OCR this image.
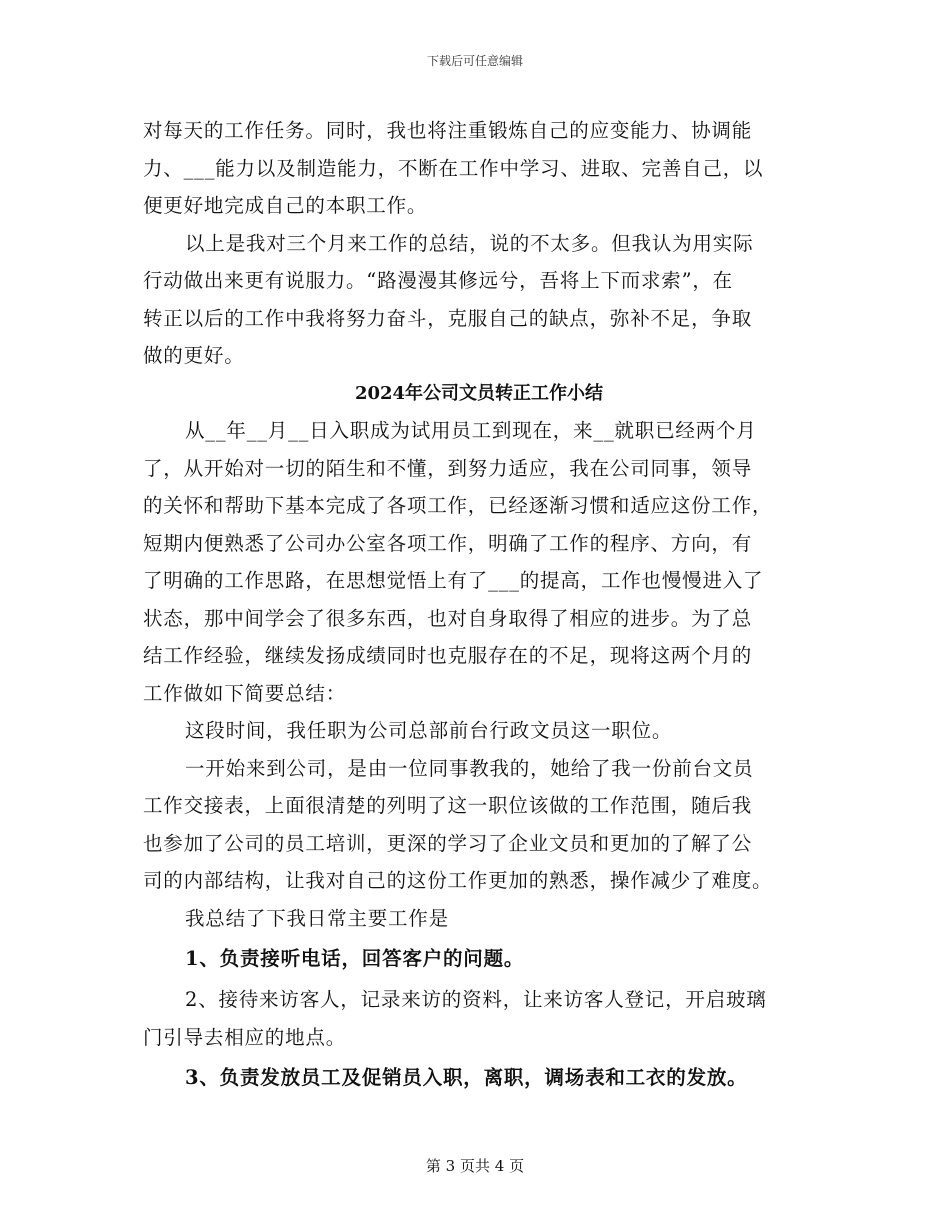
下载后可任意编辑
对每天的工作任务。同时，我也将注重锻炼自己的应变能力、协调能
力、___能力以及制造能力，不断在工作中学习、进取、完善自己，以
便更好地完成自己的本职工作。
以上是我对三个月来工作的总结，说的不太多。但我认为用实际
行动做出来更有说服力。“路漫漫其修远兮，吾将上下而求索”，在
转正以后的工作中我将努力奋斗，克服自己的缺点，弥补不足，争取
做的更好。
2024年公司文员转正工作小结
从__年__月__日入职成为试用员工到现在，来__就职已经两个月
了，从开始对一切的陌生和不懂，到努力适应，我在公司同事，领导
的关怀和帮助下基本完成了各项工作，已经逐渐习惯和适应这份工作，
短期内便熟悉了公司办公室各项工作，明确了工作的程序、方向，有
了明确的工作思路，在思想觉悟上有了___的提高，工作也慢慢进入了
状态，那中间学会了很多东西，也对自身取得了相应的进步。为了总
结工作经验，继续发扬成绩同时也克服存在的不足，现将这两个月的
工作做如下简要总结：
这段时间，我任职为公司总部前台行政文员这一职位。
一开始来到公司，是由一位同事教我的，她给了我一份前台文员
工作交接表，上面很清楚的列明了这一职位该做的工作范围，随后我
也参加了公司的员工培训，更深的学习了企业文员和更加的了解了公
司的内部结构，让我对自己的这份工作更加的熟悉，操作减少了难度。
我总结了下我日常主要工作是
1、负责接听电话，回答客户的问题。
2、接待来访客人，记录来访的资料，让来访客人登记，开启玻璃
门引导去相应的地点。
3、负责发放员工及促销员入职，离职，调场表和工衣的发放。
第 3 页共 4 页
